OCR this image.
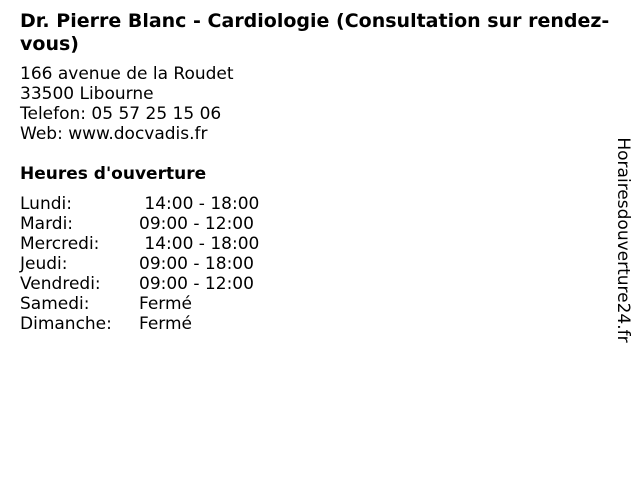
Dr. Pierre Blanc - Cardiologie (Consultation sur rendez-vous)
166 avenue de la Roudet
33500 Libourne
Telefon: 05 57 25 15 06
Web: www.docvadis.fr
Heures d'ouverture
Lundi:	14:00 - 18:00
Mardi:	09:00 - 12:00
Mercredi:	14:00 - 18:00
Jeudi:	09:00 - 18:00
Vendredi:	09:00 - 12:00
Samedi:	Fermé
Dimanche:	Fermé	Horairesdouverture24.fr
